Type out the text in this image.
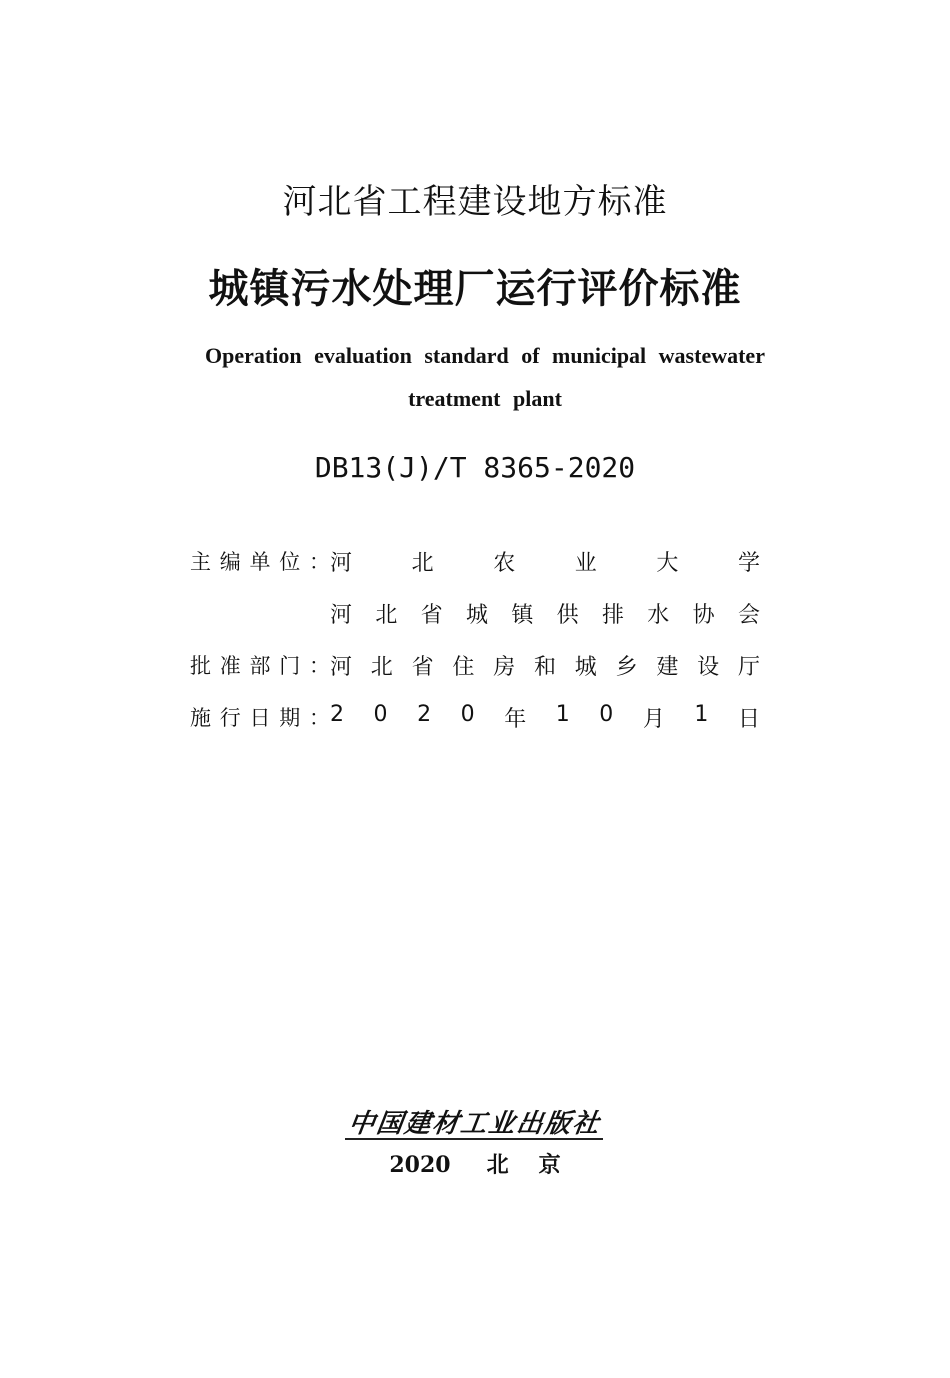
河北省工程建设地方标准
城镇污水处理厂运行评价标准
Operation evaluation standard of municipal wastewater
treatment plant
DB13(J)/T 8365-2020
主 编 单 位 ： 河	北	农	业	大	学
河 北 省 城 镇 供 排 水 协 会
批 准 部 门 ： 河 北 省 住 房 和 城 乡 建 设 厅
施 行 日 期 ： 2 0 2 0 年 1 0 月 1 日
中
国
建
材
工
业
出
版
社
2020 北 京
